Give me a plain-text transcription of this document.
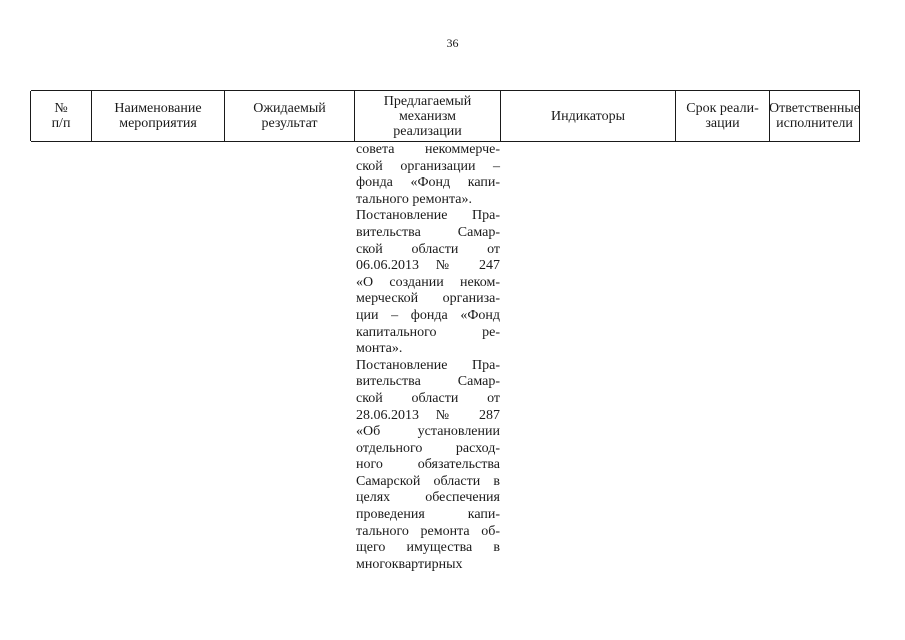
36
№
п/п
Наименование
мероприятия
Ожидаемый
результат
Предлагаемый
механизм
реализации
Индикаторы	Срок реали-
зации
Ответственные
исполнители

совета некоммерче-
ской организации –
фонда «Фонд капи-
тального ремонта».

Постановление Пра-
вительства Самар-
ской области от
06.06.2013 № 247
«О создании неком-
мерческой организа-
ции – фонда «Фонд
капитального ре-
монта».

Постановление Пра-
вительства Самар-
ской области от
28.06.2013 № 287
«Об установлении
отдельного расход-
ного обязательства
Самарской области в
целях обеспечения
проведения капи-
тального ремонта об-
щего имущества в
многоквартирных
